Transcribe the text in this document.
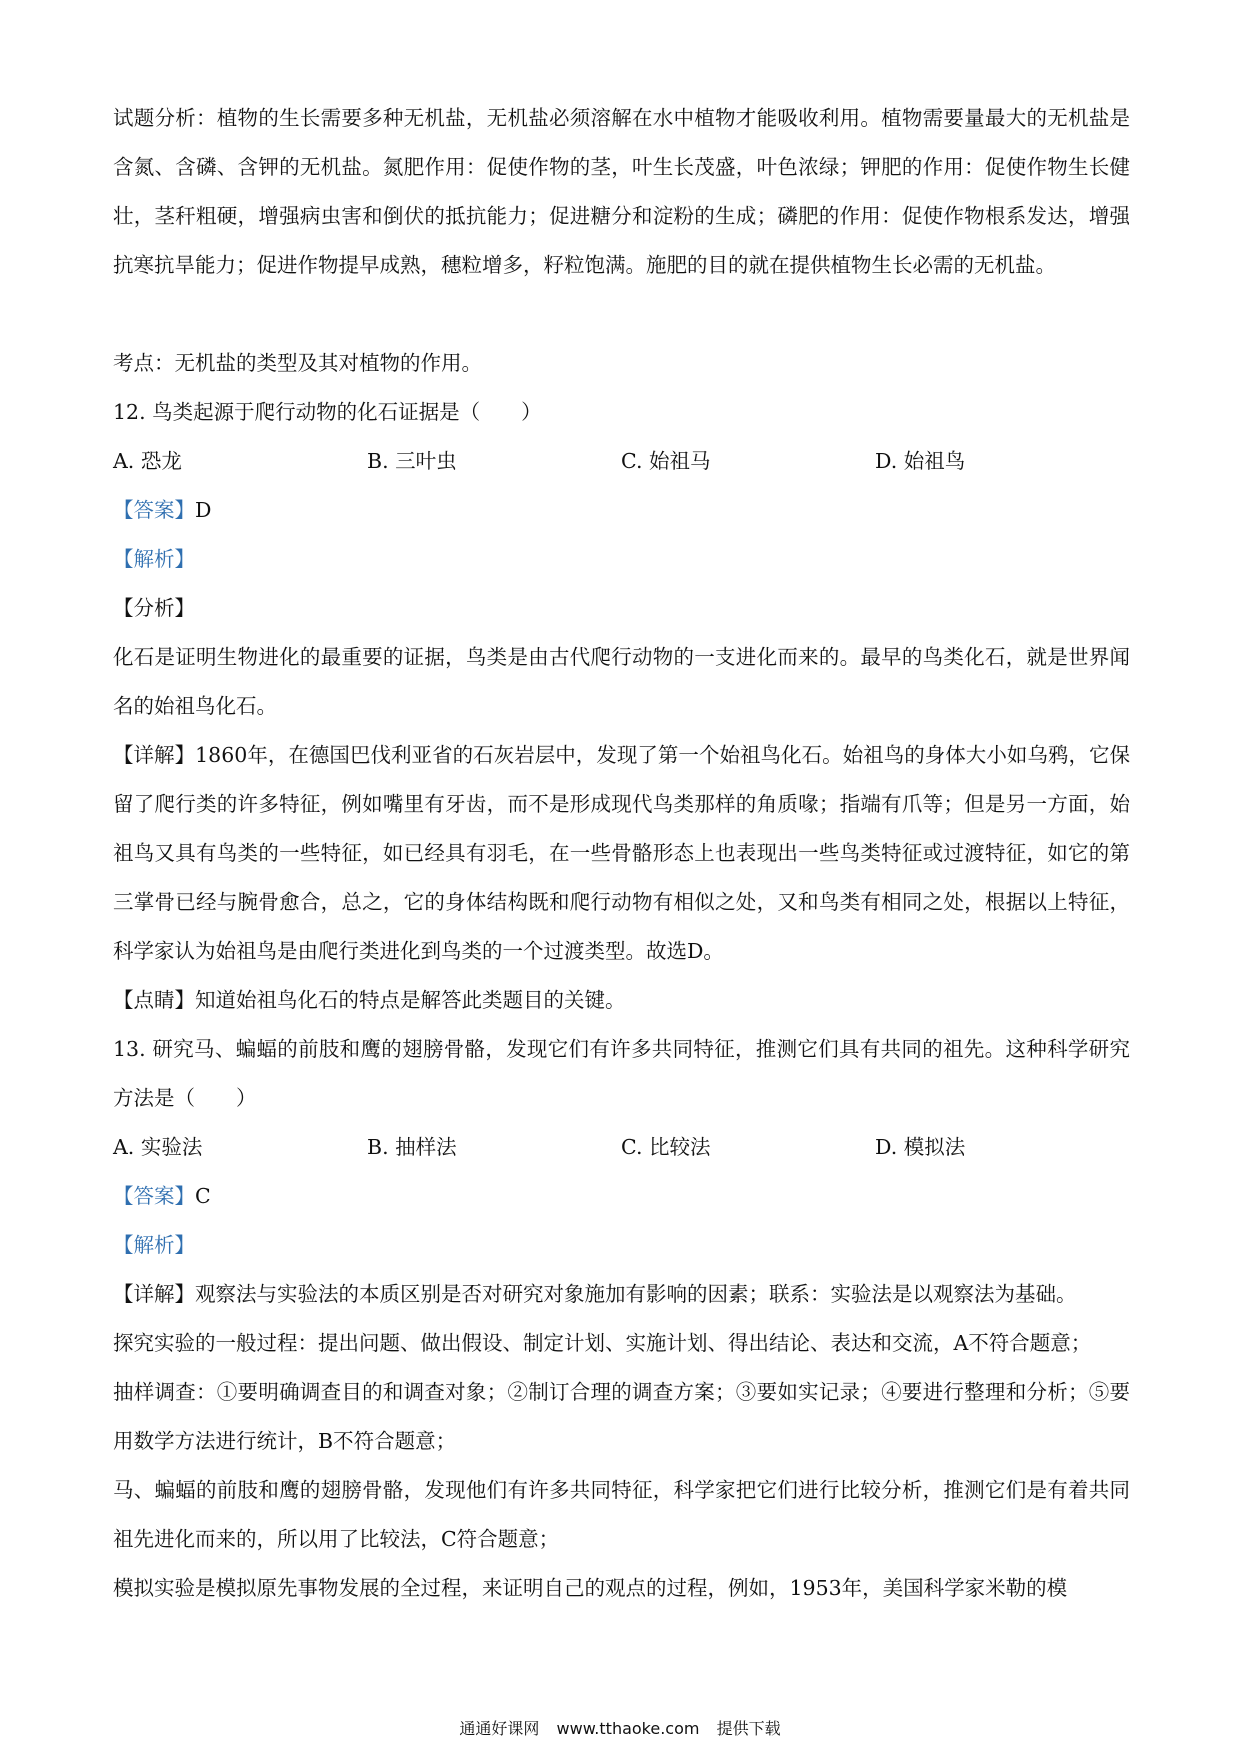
试题分析：植物的生长需要多种无机盐，无机盐必须溶解在水中植物才能吸收利用。植物需要量最大的无机盐是含氮、含磷、含钾的无机盐。氮肥作用：促使作物的茎，叶生长茂盛，叶色浓绿；钾肥的作用：促使作物生长健壮，茎秆粗硬，增强病虫害和倒伏的抵抗能力；促进糖分和淀粉的生成；磷肥的作用：促使作物根系发达，增强抗寒抗旱能力；促进作物提早成熟，穗粒增多，籽粒饱满。施肥的目的就在提供植物生长必需的无机盐。

考点：无机盐的类型及其对植物的作用。

12. 鸟类起源于爬行动物的化石证据是（　　）

A. 恐龙	B. 三叶虫	C. 始祖马	D. 始祖鸟

【答案】D

【解析】

【分析】

化石是证明生物进化的最重要的证据，鸟类是由古代爬行动物的一支进化而来的。最早的鸟类化石，就是世界闻名的始祖鸟化石。

【详解】1860年，在德国巴伐利亚省的石灰岩层中，发现了第一个始祖鸟化石。始祖鸟的身体大小如乌鸦，它保留了爬行类的许多特征，例如嘴里有牙齿，而不是形成现代鸟类那样的角质喙；指端有爪等；但是另一方面，始祖鸟又具有鸟类的一些特征，如已经具有羽毛，在一些骨骼形态上也表现出一些鸟类特征或过渡特征，如它的第三掌骨已经与腕骨愈合，总之，它的身体结构既和爬行动物有相似之处，又和鸟类有相同之处，根据以上特征，科学家认为始祖鸟是由爬行类进化到鸟类的一个过渡类型。故选D。

【点睛】知道始祖鸟化石的特点是解答此类题目的关键。

13. 研究马、蝙蝠的前肢和鹰的翅膀骨骼，发现它们有许多共同特征，推测它们具有共同的祖先。这种科学研究方法是（　　）

A. 实验法	B. 抽样法	C. 比较法	D. 模拟法

【答案】C

【解析】

【详解】观察法与实验法的本质区别是否对研究对象施加有影响的因素；联系：实验法是以观察法为基础。

探究实验的一般过程：提出问题、做出假设、制定计划、实施计划、得出结论、表达和交流，A不符合题意；

抽样调查：①要明确调查目的和调查对象；②制订合理的调查方案；③要如实记录；④要进行整理和分析；⑤要用数学方法进行统计，B不符合题意；

马、蝙蝠的前肢和鹰的翅膀骨骼，发现他们有许多共同特征，科学家把它们进行比较分析，推测它们是有着共同祖先进化而来的，所以用了比较法，C符合题意；

模拟实验是模拟原先事物发展的全过程，来证明自己的观点的过程，例如，1953年，美国科学家米勒的模

通通好课网 www.tthaoke.com 提供下载
